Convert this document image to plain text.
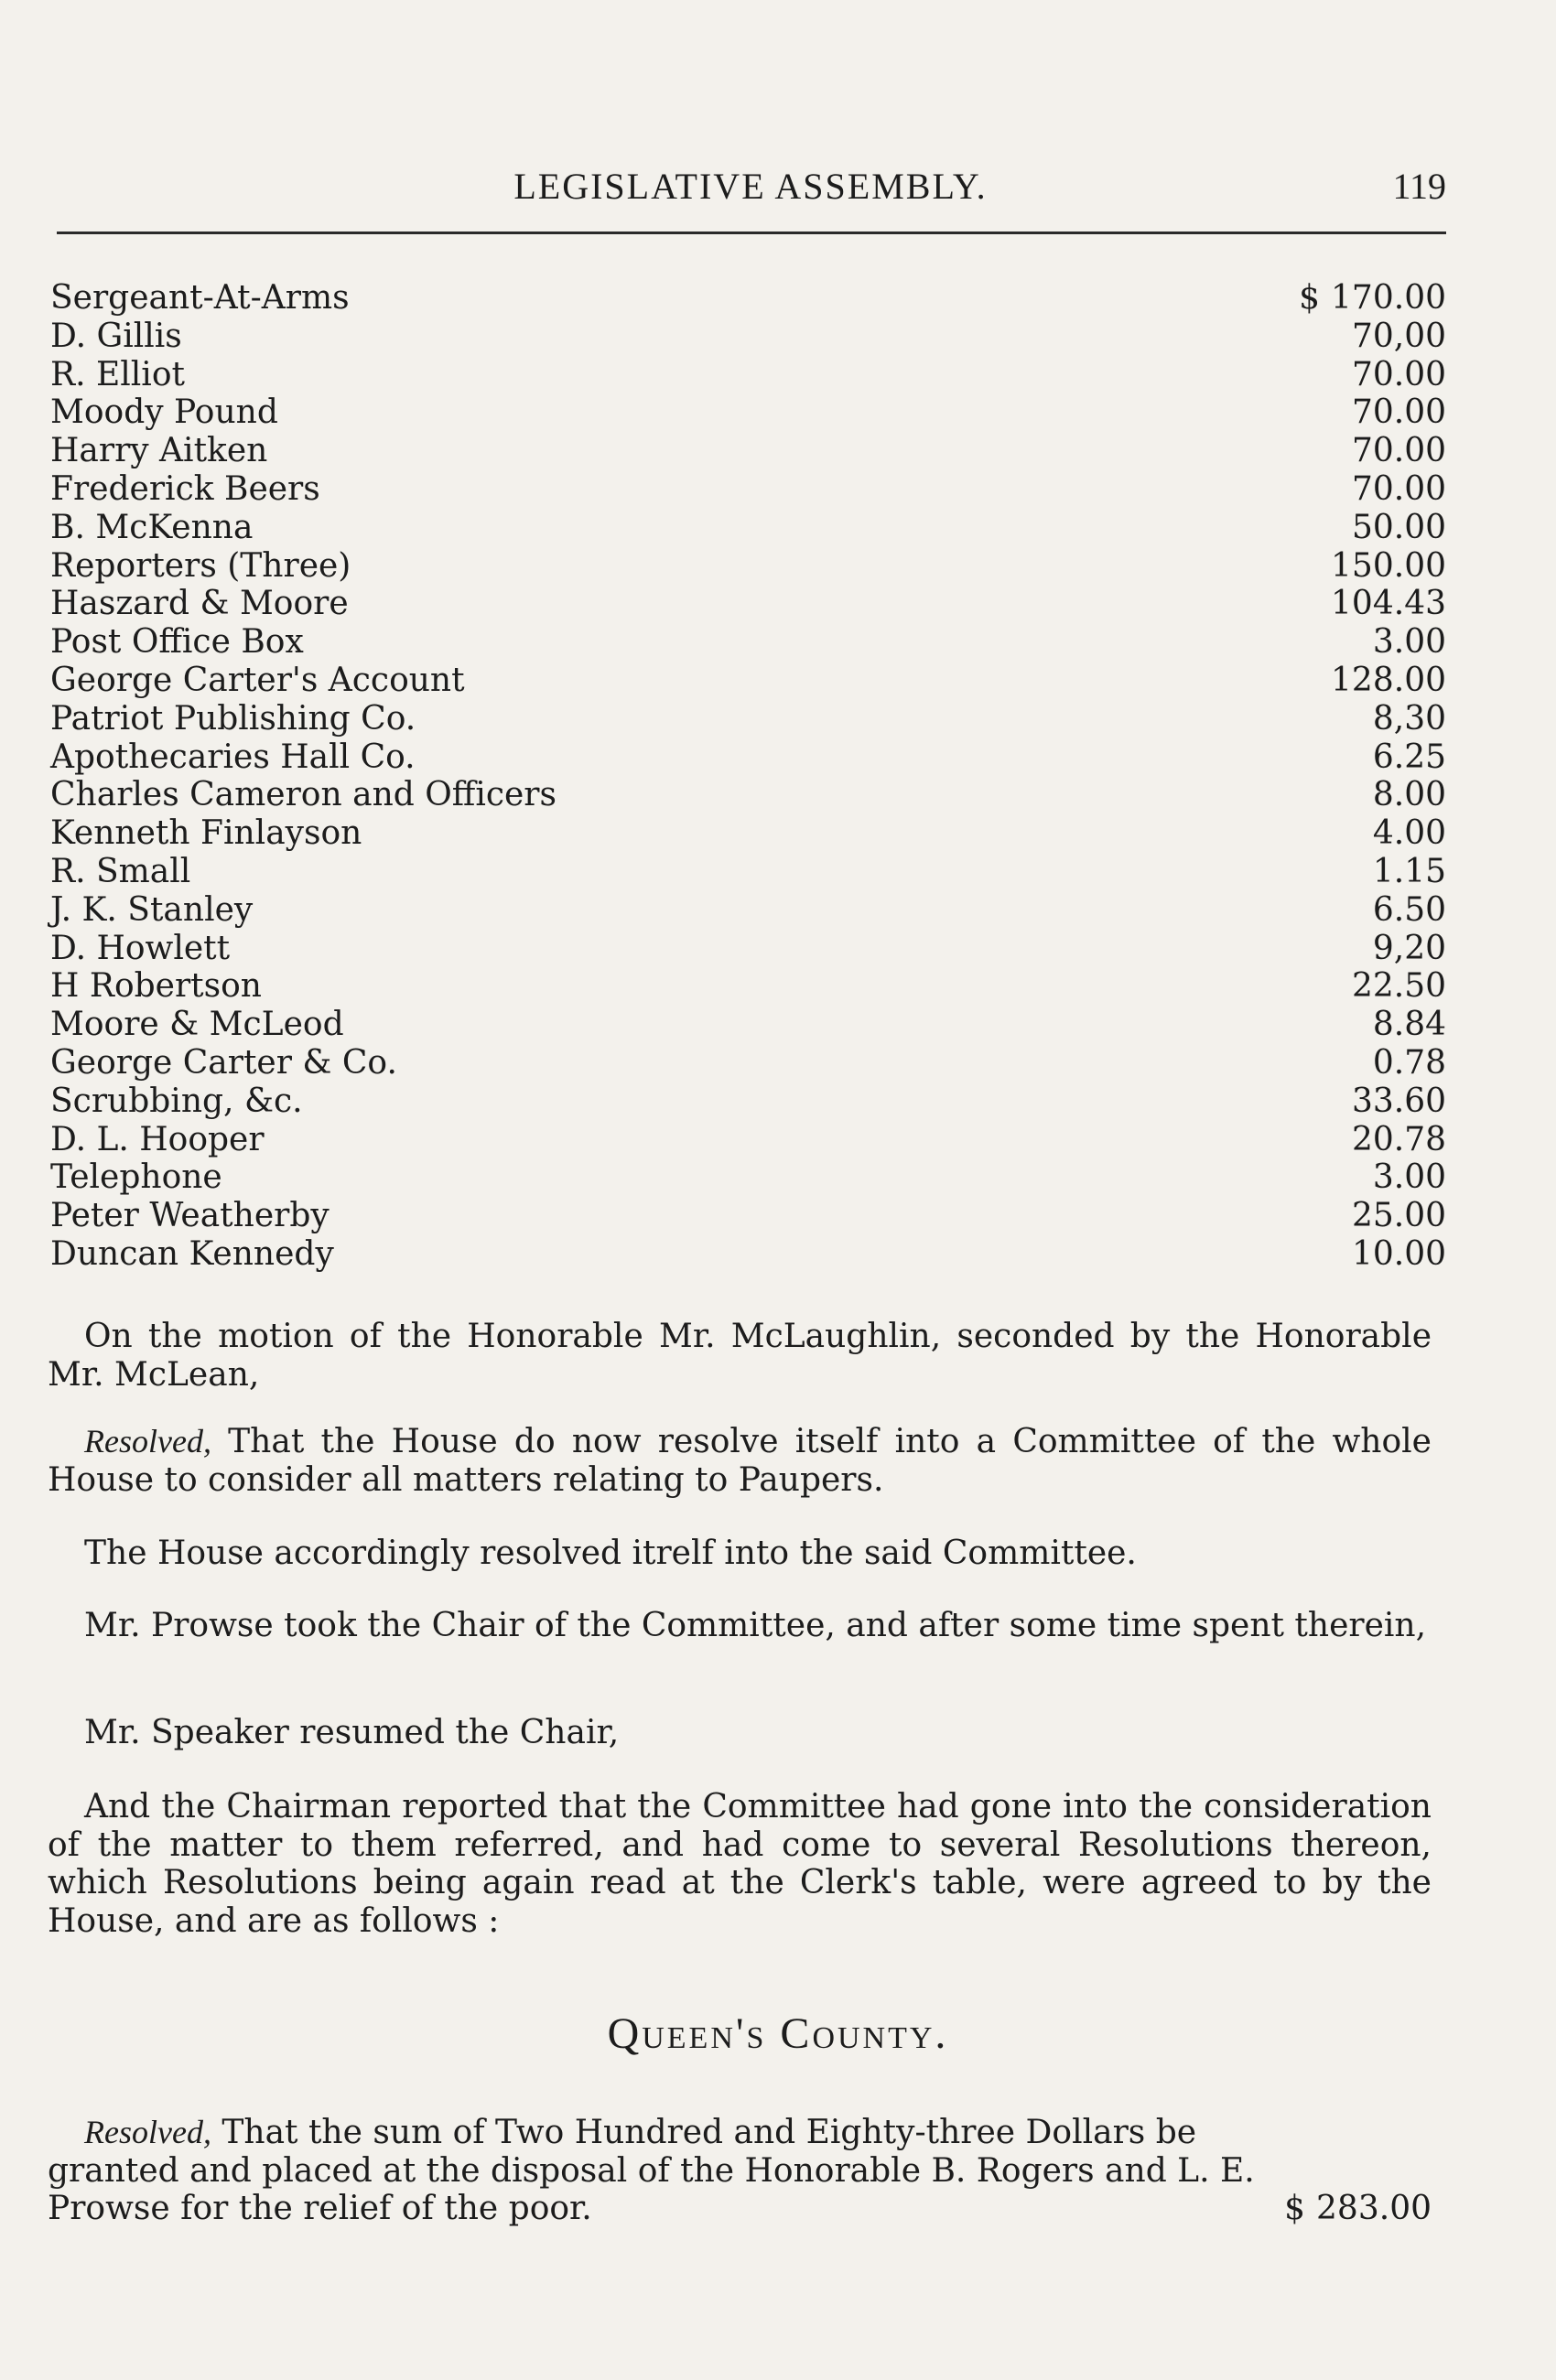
LEGISLATIVE ASSEMBLY.	119
Sergeant-At-Arms	$ 170.00
D. Gillis	70,00
R. Elliot	70.00
Moody Pound	70.00
Harry Aitken	70.00
Frederick Beers	70.00
B. McKenna	50.00
Reporters (Three)	150.00
Haszard & Moore	104.43
Post Office Box	3.00
George Carter's Account	128.00
Patriot Publishing Co.	8,30
Apothecaries Hall Co.	6.25
Charles Cameron and Officers	8.00
Kenneth Finlayson	4.00
R. Small	1.15
J. K. Stanley	6.50
D. Howlett	9,20
H Robertson	22.50
Moore & McLeod	8.84
George Carter & Co.	0.78
Scrubbing, &c.	33.60
D. L. Hooper	20.78
Telephone	3.00
Peter Weatherby	25.00
Duncan Kennedy	10.00
On the motion of the Honorable Mr. McLaughlin, seconded by the Honorable Mr. McLean,
Resolved, That the House do now resolve itself into a Committee of the whole House to consider all matters relating to Paupers.
The House accordingly resolved itrelf into the said Committee.
Mr. Prowse took the Chair of the Committee, and after some time spent therein,
Mr. Speaker resumed the Chair,
And the Chairman reported that the Committee had gone into the consideration of the matter to them referred, and had come to several Resolutions thereon, which Resolutions being again read at the Clerk's table, were agreed to by the House, and are as follows :
Queen's County.
Resolved, That the sum of Two Hundred and Eighty-three Dollars be granted and placed at the disposal of the Honorable B. Rogers and L. E. Prowse for the relief of the poor.	$ 283.00
